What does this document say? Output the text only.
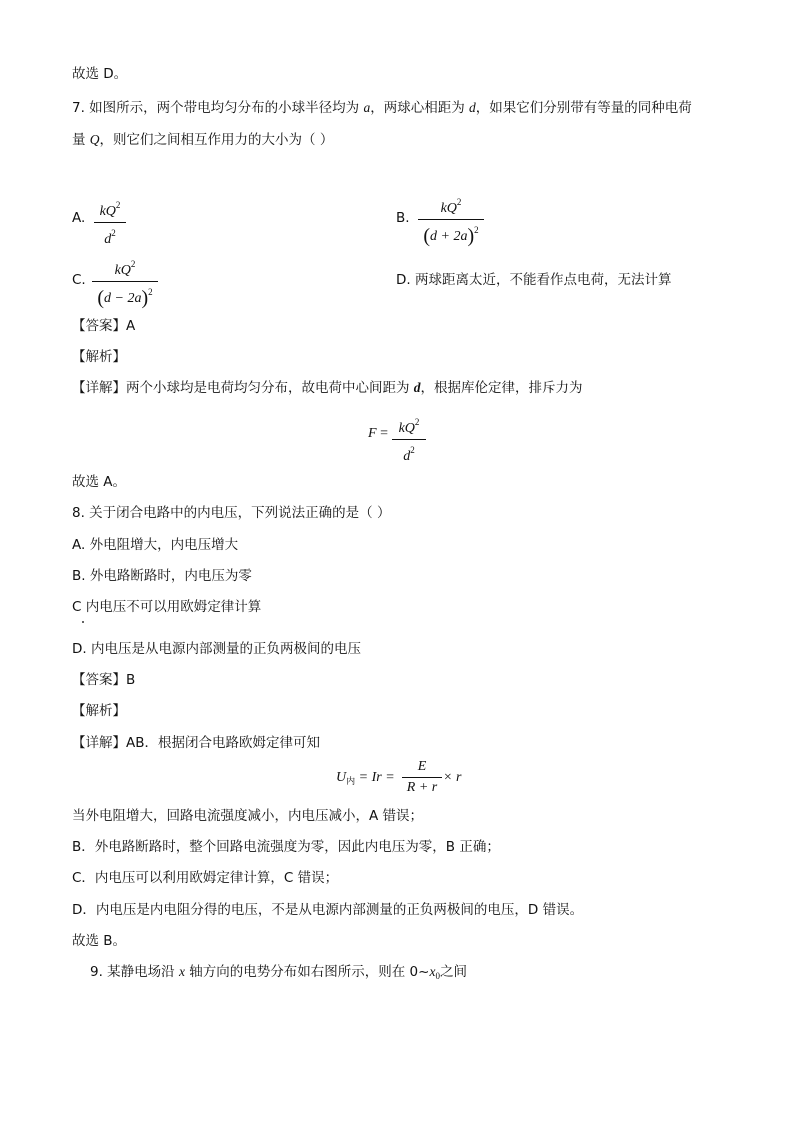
故选 D。
7. 如图所示，两个带电均匀分布的小球半径均为 a，两球心相距为 d，如果它们分别带有等量的同种电荷
量 Q，则它们之间相互作用力的大小为（ ）
A.	$kQ^2$
$d^2$
B.
$kQ^2$
$(d + 2a)^2$
C.
$kQ^2$
$(d - 2a)^2$
D. 两球距离太近，不能看作点电荷，无法计算
【答案】A
【解析】
【详解】两个小球均是电荷均匀分布，故电荷中心间距为 d，根据库伦定律，排斥力为
$F = kQ^2$
$d^2$
故选 A。
8. 关于闭合电路中的内电压，下列说法正确的是（ ）
A. 外电阻增大，内电压增大
B. 外电路断路时，内电压为零
C 内电压不可以用欧姆定律计算
D. 内电压是从电源内部测量的正负两极间的电压
【答案】B
【解析】
【详解】AB．根据闭合电路欧姆定律可知
$U_内 = Ir$ =
E
R + r
× r
当外电阻增大，回路电流强度减小，内电压减小，A 错误；
B．外电路断路时，整个回路电流强度为零，因此内电压为零，B 正确；
C．内电压可以利用欧姆定律计算，C 错误；
D．内电压是内电阻分得的电压，不是从电源内部测量的正负两极间的电压，D 错误。
故选 B。
9. 某静电场沿 x 轴方向的电势分布如右图所示，则在 $0\sim x_0$之间
